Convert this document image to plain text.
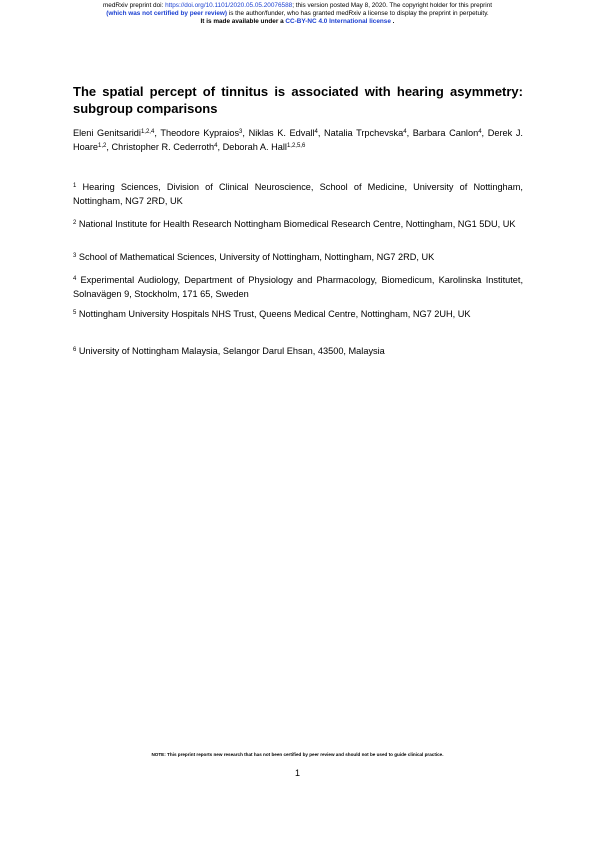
medRxiv preprint doi: https://doi.org/10.1101/2020.05.05.20076588; this version posted May 8, 2020. The copyright holder for this preprint
(which was not certified by peer review) is the author/funder, who has granted medRxiv a license to display the preprint in perpetuity.
It is made available under a CC-BY-NC 4.0 International license .
The spatial percept of tinnitus is associated with hearing asymmetry: subgroup comparisons
Eleni Genitsaridi$^{1,2,4}$, Theodore Kypraios$^3$, Niklas K. Edvall$^4$, Natalia Trpchevska$^4$, Barbara Canlon$^4$, Derek J. Hoare$^{1,2}$, Christopher R. Cederroth$^4$, Deborah A. Hall$^{1,2,5,6}$
$^1$ Hearing Sciences, Division of Clinical Neuroscience, School of Medicine, University of Nottingham, Nottingham, NG7 2RD, UK
$^2$ National Institute for Health Research Nottingham Biomedical Research Centre, Nottingham, NG1 5DU, UK
$^3$ School of Mathematical Sciences, University of Nottingham, Nottingham, NG7 2RD, UK
$^4$ Experimental Audiology, Department of Physiology and Pharmacology, Biomedicum, Karolinska Institutet, Solnavägen 9, Stockholm, 171 65, Sweden
$^5$ Nottingham University Hospitals NHS Trust, Queens Medical Centre, Nottingham, NG7 2UH, UK
$^6$ University of Nottingham Malaysia, Selangor Darul Ehsan, 43500, Malaysia
NOTE: This preprint reports new research that has not been certified by peer review and should not be used to guide clinical practice.
1
